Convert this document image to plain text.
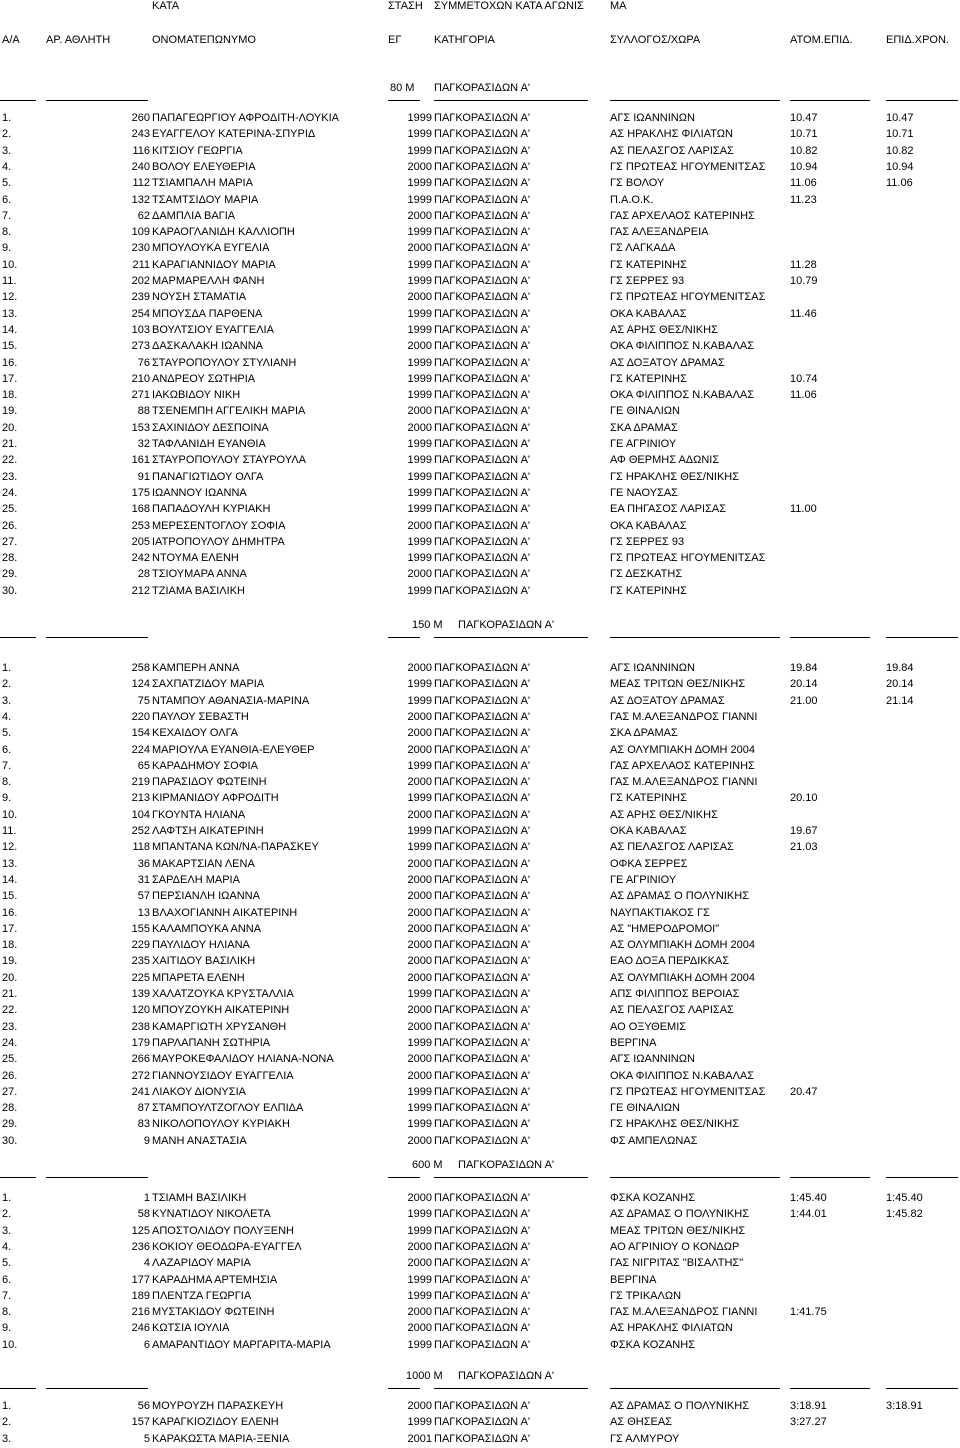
ΚΑΤΑ	ΣΤΑΣΗ ΣΥΜΜΕΤΟΧΩΝ ΚΑΤΑ ΑΓΩΝΙΣ ΜΑ
Α/Α ΑΡ. ΑΘΛΗΤΗ	ΟΝΟΜΑΤΕΠΩΝΥΜΟ	ΕΓ	ΚΑΤΗΓΟΡΙΑ	ΣΥΛΛΟΓΟΣ/ΧΩΡΑ	ΑΤΟΜ.ΕΠΙΔ.	ΕΠΙΔ.ΧΡΟΝ.
80 Μ ΠΑΓΚΟΡΑΣΙΔΩΝ Α'
1.	260 ΠΑΠΑΓΕΩΡΓΙΟΥ ΑΦΡΟΔΙΤΗ-ΛΟΥΚΙΑ	1999 ΠΑΓΚΟΡΑΣΙΔΩΝ Α'	ΑΓΣ ΙΩΑΝΝΙΝΩΝ	10.47	10.47
2.	243 ΕΥΑΓΓΕΛΟΥ ΚΑΤΕΡΙΝΑ-ΣΠΥΡΙΔ	1999 ΠΑΓΚΟΡΑΣΙΔΩΝ Α'	ΑΣ ΗΡΑΚΛΗΣ ΦΙΛΙΑΤΩΝ	10.71	10.71
3.	116 ΚΙΤΣΙΟΥ ΓΕΩΡΓΙΑ	1999 ΠΑΓΚΟΡΑΣΙΔΩΝ Α'	ΑΣ ΠΕΛΑΣΓΟΣ ΛΑΡΙΣΑΣ	10.82	10.82
4.	240 ΒΟΛΟΥ ΕΛΕΥΘΕΡΙΑ	2000 ΠΑΓΚΟΡΑΣΙΔΩΝ Α'	ΓΣ ΠΡΩΤΕΑΣ ΗΓΟΥΜΕΝΙΤΣΑΣ 10.94	10.94
5.	112 ΤΣΙΑΜΠΑΛΗ ΜΑΡΙΑ	1999 ΠΑΓΚΟΡΑΣΙΔΩΝ Α'	ΓΣ ΒΟΛΟΥ	11.06	11.06
6.	132 ΤΣΑΜΤΣΙΔΟΥ ΜΑΡΙΑ	1999 ΠΑΓΚΟΡΑΣΙΔΩΝ Α'	Π.Α.Ο.Κ.	11.23
7.	62 ΔΑΜΠΛΙΑ ΒΑΓΙΑ	2000 ΠΑΓΚΟΡΑΣΙΔΩΝ Α'	ΓΑΣ ΑΡΧΕΛΑΟΣ ΚΑΤΕΡΙΝΗΣ
8.	109 ΚΑΡΑΟΓΛΑΝΙΔΗ ΚΑΛΛΙΟΠΗ	1999 ΠΑΓΚΟΡΑΣΙΔΩΝ Α'	ΓΑΣ ΑΛΕΞΑΝΔΡΕΙΑ
9.	230 ΜΠΟΥΛΟΥΚΑ ΕΥΓΕΛΙΑ	2000 ΠΑΓΚΟΡΑΣΙΔΩΝ Α'	ΓΣ ΛΑΓΚΑΔΑ
10.	211 ΚΑΡΑΓΙΑΝΝΙΔΟΥ ΜΑΡΙΑ	1999 ΠΑΓΚΟΡΑΣΙΔΩΝ Α'	ΓΣ ΚΑΤΕΡΙΝΗΣ	11.28
11.	202 ΜΑΡΜΑΡΕΛΛΗ ΦΑΝΗ	1999 ΠΑΓΚΟΡΑΣΙΔΩΝ Α'	ΓΣ ΣΕΡΡΕΣ 93	10.79
12.	239 ΝΟΥΣΗ ΣΤΑΜΑΤΙΑ	2000 ΠΑΓΚΟΡΑΣΙΔΩΝ Α'	ΓΣ ΠΡΩΤΕΑΣ ΗΓΟΥΜΕΝΙΤΣΑΣ
13.	254 ΜΠΟΥΣΔΑ ΠΑΡΘΕΝΑ	1999 ΠΑΓΚΟΡΑΣΙΔΩΝ Α'	ΟΚΑ ΚΑΒΑΛΑΣ	11.46
14.	103 ΒΟΥΛΤΣΙΟΥ ΕΥΑΓΓΕΛΙΑ	1999 ΠΑΓΚΟΡΑΣΙΔΩΝ Α'	ΑΣ ΑΡΗΣ ΘΕΣ/ΝΙΚΗΣ
15.	273 ΔΑΣΚΑΛΑΚΗ ΙΩΑΝΝΑ	2000 ΠΑΓΚΟΡΑΣΙΔΩΝ Α'	ΟΚΑ ΦΙΛΙΠΠΟΣ Ν.ΚΑΒΑΛΑΣ
16.	76 ΣΤΑΥΡΟΠΟΥΛΟΥ ΣΤΥΛΙΑΝΗ	1999 ΠΑΓΚΟΡΑΣΙΔΩΝ Α'	ΑΣ ΔΟΞΑΤΟΥ ΔΡΑΜΑΣ
17.	210 ΑΝΔΡΕΟΥ ΣΩΤΗΡΙΑ	1999 ΠΑΓΚΟΡΑΣΙΔΩΝ Α'	ΓΣ ΚΑΤΕΡΙΝΗΣ	10.74
18.	271 ΙΑΚΩΒΙΔΟΥ ΝΙΚΗ	1999 ΠΑΓΚΟΡΑΣΙΔΩΝ Α'	ΟΚΑ ΦΙΛΙΠΠΟΣ Ν.ΚΑΒΑΛΑΣ	11.06
19.	88 ΤΣΕΝΕΜΠΗ ΑΓΓΕΛΙΚΗ ΜΑΡΙΑ	2000 ΠΑΓΚΟΡΑΣΙΔΩΝ Α'	ΓΕ ΘΙΝΑΛΙΩΝ
20.	153 ΣΑΧΙΝΙΔΟΥ ΔΕΣΠΟΙΝΑ	2000 ΠΑΓΚΟΡΑΣΙΔΩΝ Α'	ΣΚΑ ΔΡΑΜΑΣ
21.	32 ΤΑΦΛΑΝΙΔΗ ΕΥΑΝΘΙΑ	1999 ΠΑΓΚΟΡΑΣΙΔΩΝ Α'	ΓΕ ΑΓΡΙΝΙΟΥ
22.	161 ΣΤΑΥΡΟΠΟΥΛΟΥ ΣΤΑΥΡΟΥΛΑ	1999 ΠΑΓΚΟΡΑΣΙΔΩΝ Α'	ΑΦ ΘΕΡΜΗΣ ΑΔΩΝΙΣ
23.	91 ΠΑΝΑΓΙΩΤΙΔΟΥ ΟΛΓΑ	1999 ΠΑΓΚΟΡΑΣΙΔΩΝ Α'	ΓΣ ΗΡΑΚΛΗΣ ΘΕΣ/ΝΙΚΗΣ
24.	175 ΙΩΑΝΝΟΥ ΙΩΑΝΝΑ	1999 ΠΑΓΚΟΡΑΣΙΔΩΝ Α'	ΓΕ ΝΑΟΥΣΑΣ
25.	168 ΠΑΠΑΔΟΥΛΗ ΚΥΡΙΑΚΗ	1999 ΠΑΓΚΟΡΑΣΙΔΩΝ Α'	ΕΑ ΠΗΓΑΣΟΣ ΛΑΡΙΣΑΣ	11.00
26.	253 ΜΕΡΕΣΕΝΤΟΓΛΟΥ ΣΟΦΙΑ	2000 ΠΑΓΚΟΡΑΣΙΔΩΝ Α'	ΟΚΑ ΚΑΒΑΛΑΣ
27.	205 ΙΑΤΡΟΠΟΥΛΟΥ ΔΗΜΗΤΡΑ	1999 ΠΑΓΚΟΡΑΣΙΔΩΝ Α'	ΓΣ ΣΕΡΡΕΣ 93
28.	242 ΝΤΟΥΜΑ ΕΛΕΝΗ	1999 ΠΑΓΚΟΡΑΣΙΔΩΝ Α'	ΓΣ ΠΡΩΤΕΑΣ ΗΓΟΥΜΕΝΙΤΣΑΣ
29.	28 ΤΣΙΟΥΜΑΡΑ ΑΝΝΑ	2000 ΠΑΓΚΟΡΑΣΙΔΩΝ Α'	ΓΣ ΔΕΣΚΑΤΗΣ
30.	212 ΤΖΙΑΜΑ ΒΑΣΙΛΙΚΗ	1999 ΠΑΓΚΟΡΑΣΙΔΩΝ Α'	ΓΣ ΚΑΤΕΡΙΝΗΣ
150 Μ ΠΑΓΚΟΡΑΣΙΔΩΝ Α'
1.	258 ΚΑΜΠΕΡΗ ΑΝΝΑ	2000 ΠΑΓΚΟΡΑΣΙΔΩΝ Α'	ΑΓΣ ΙΩΑΝΝΙΝΩΝ	19.84	19.84
2.	124 ΣΑΧΠΑΤΖΙΔΟΥ ΜΑΡΙΑ	1999 ΠΑΓΚΟΡΑΣΙΔΩΝ Α'	ΜΕΑΣ ΤΡΙΤΩΝ ΘΕΣ/ΝΙΚΗΣ	20.14	20.14
3.	75 ΝΤΑΜΠΟΥ ΑΘΑΝΑΣΙΑ-ΜΑΡΙΝΑ	1999 ΠΑΓΚΟΡΑΣΙΔΩΝ Α'	ΑΣ ΔΟΞΑΤΟΥ ΔΡΑΜΑΣ	21.00	21.14
4.	220 ΠΑΥΛΟΥ ΣΕΒΑΣΤΗ	2000 ΠΑΓΚΟΡΑΣΙΔΩΝ Α'	ΓΑΣ Μ.ΑΛΕΞΑΝΔΡΟΣ ΓΙΑΝΝΙ
5.	154 ΚΕΧΑΙΔΟΥ ΟΛΓΑ	2000 ΠΑΓΚΟΡΑΣΙΔΩΝ Α'	ΣΚΑ ΔΡΑΜΑΣ
6.	224 ΜΑΡΙΟΥΛΑ ΕΥΑΝΘΙΑ-ΕΛΕΥΘΕΡ	2000 ΠΑΓΚΟΡΑΣΙΔΩΝ Α'	ΑΣ ΟΛΥΜΠΙΑΚΗ ΔΟΜΗ 2004
7.	65 ΚΑΡΑΔΗΜΟΥ ΣΟΦΙΑ	1999 ΠΑΓΚΟΡΑΣΙΔΩΝ Α'	ΓΑΣ ΑΡΧΕΛΑΟΣ ΚΑΤΕΡΙΝΗΣ
8.	219 ΠΑΡΑΣΙΔΟΥ ΦΩΤΕΙΝΗ	2000 ΠΑΓΚΟΡΑΣΙΔΩΝ Α'	ΓΑΣ Μ.ΑΛΕΞΑΝΔΡΟΣ ΓΙΑΝΝΙ
9.	213 ΚΙΡΜΑΝΙΔΟΥ ΑΦΡΟΔΙΤΗ	1999 ΠΑΓΚΟΡΑΣΙΔΩΝ Α'	ΓΣ ΚΑΤΕΡΙΝΗΣ	20.10
10.	104 ΓΚΟΥΝΤΑ ΗΛΙΑΝΑ	2000 ΠΑΓΚΟΡΑΣΙΔΩΝ Α'	ΑΣ ΑΡΗΣ ΘΕΣ/ΝΙΚΗΣ
11.	252 ΛΑΦΤΣΗ ΑΙΚΑΤΕΡΙΝΗ	1999 ΠΑΓΚΟΡΑΣΙΔΩΝ Α'	ΟΚΑ ΚΑΒΑΛΑΣ	19.67
12.	118 ΜΠΑΝΤΑΝΑ ΚΩΝ/ΝΑ-ΠΑΡΑΣΚΕΥ	1999 ΠΑΓΚΟΡΑΣΙΔΩΝ Α'	ΑΣ ΠΕΛΑΣΓΟΣ ΛΑΡΙΣΑΣ	21.03
13.	36 ΜΑΚΑΡΤΣΙΑΝ ΛΕΝΑ	2000 ΠΑΓΚΟΡΑΣΙΔΩΝ Α'	ΟΦΚΑ ΣΕΡΡΕΣ
14.	31 ΣΑΡΔΕΛΗ ΜΑΡΙΑ	2000 ΠΑΓΚΟΡΑΣΙΔΩΝ Α'	ΓΕ ΑΓΡΙΝΙΟΥ
15.	57 ΠΕΡΣΙΑΝΛΗ ΙΩΑΝΝΑ	2000 ΠΑΓΚΟΡΑΣΙΔΩΝ Α'	ΑΣ ΔΡΑΜΑΣ Ο ΠΟΛΥΝΙΚΗΣ
16.	13 ΒΛΑΧΟΓΙΑΝΝΗ ΑΙΚΑΤΕΡΙΝΗ	2000 ΠΑΓΚΟΡΑΣΙΔΩΝ Α'	ΝΑΥΠΑΚΤΙΑΚΟΣ ΓΣ
17.	155 ΚΑΛΑΜΠΟΥΚΑ ΑΝΝΑ	2000 ΠΑΓΚΟΡΑΣΙΔΩΝ Α'	ΑΣ "ΗΜΕΡΟΔΡΟΜΟΙ"
18.	229 ΠΑΥΛΙΔΟΥ ΗΛΙΑΝΑ	2000 ΠΑΓΚΟΡΑΣΙΔΩΝ Α'	ΑΣ ΟΛΥΜΠΙΑΚΗ ΔΟΜΗ 2004
19.	235 ΧΑΙΤΙΔΟΥ ΒΑΣΙΛΙΚΗ	2000 ΠΑΓΚΟΡΑΣΙΔΩΝ Α'	ΕΑΟ ΔΟΞΑ ΠΕΡΔΙΚΚΑΣ
20.	225 ΜΠΑΡΕΤΑ ΕΛΕΝΗ	2000 ΠΑΓΚΟΡΑΣΙΔΩΝ Α'	ΑΣ ΟΛΥΜΠΙΑΚΗ ΔΟΜΗ 2004
21.	139 ΧΑΛΑΤΖΟΥΚΑ ΚΡΥΣΤΑΛΛΙΑ	1999 ΠΑΓΚΟΡΑΣΙΔΩΝ Α'	ΑΠΣ ΦΙΛΙΠΠΟΣ ΒΕΡΟΙΑΣ
22.	120 ΜΠΟΥΖΟΥΚΗ ΑΙΚΑΤΕΡΙΝΗ	2000 ΠΑΓΚΟΡΑΣΙΔΩΝ Α'	ΑΣ ΠΕΛΑΣΓΟΣ ΛΑΡΙΣΑΣ
23.	238 ΚΑΜΑΡΓΙΩΤΗ ΧΡΥΣΑΝΘΗ	2000 ΠΑΓΚΟΡΑΣΙΔΩΝ Α'	ΑΟ ΟΞΥΘΕΜΙΣ
24.	179 ΠΑΡΛΑΠΑΝΗ ΣΩΤΗΡΙΑ	1999 ΠΑΓΚΟΡΑΣΙΔΩΝ Α'	ΒΕΡΓΙΝΑ
25.	266 ΜΑΥΡΟΚΕΦΑΛΙΔΟΥ ΗΛΙΑΝΑ-ΝΟΝΑ	2000 ΠΑΓΚΟΡΑΣΙΔΩΝ Α'	ΑΓΣ ΙΩΑΝΝΙΝΩΝ
26.	272 ΓΙΑΝΝΟΥΣΙΔΟΥ ΕΥΑΓΓΕΛΙΑ	2000 ΠΑΓΚΟΡΑΣΙΔΩΝ Α'	ΟΚΑ ΦΙΛΙΠΠΟΣ Ν.ΚΑΒΑΛΑΣ
27.	241 ΛΙΑΚΟΥ ΔΙΟΝΥΣΙΑ	1999 ΠΑΓΚΟΡΑΣΙΔΩΝ Α'	ΓΣ ΠΡΩΤΕΑΣ ΗΓΟΥΜΕΝΙΤΣΑΣ 20.47
28.	87 ΣΤΑΜΠΟΥΛΤΖΟΓΛΟΥ ΕΛΠΙΔΑ	1999 ΠΑΓΚΟΡΑΣΙΔΩΝ Α'	ΓΕ ΘΙΝΑΛΙΩΝ
29.	83 ΝΙΚΟΛΟΠΟΥΛΟΥ ΚΥΡΙΑΚΗ	1999 ΠΑΓΚΟΡΑΣΙΔΩΝ Α'	ΓΣ ΗΡΑΚΛΗΣ ΘΕΣ/ΝΙΚΗΣ
30.	9 ΜΑΝΗ ΑΝΑΣΤΑΣΙΑ	2000 ΠΑΓΚΟΡΑΣΙΔΩΝ Α'	ΦΣ ΑΜΠΕΛΩΝΑΣ
600 Μ ΠΑΓΚΟΡΑΣΙΔΩΝ Α'
1.	1 ΤΣΙΑΜΗ ΒΑΣΙΛΙΚΗ	2000 ΠΑΓΚΟΡΑΣΙΔΩΝ Α'	ΦΣΚΑ ΚΟΖΑΝΗΣ	1:45.40	1:45.40
2.	58 ΚΥΝΑΤΙΔΟΥ ΝΙΚΟΛΕΤΑ	1999 ΠΑΓΚΟΡΑΣΙΔΩΝ Α'	ΑΣ ΔΡΑΜΑΣ Ο ΠΟΛΥΝΙΚΗΣ	1:44.01	1:45.82
3.	125 ΑΠΟΣΤΟΛΙΔΟΥ ΠΟΛΥΞΕΝΗ	1999 ΠΑΓΚΟΡΑΣΙΔΩΝ Α'	ΜΕΑΣ ΤΡΙΤΩΝ ΘΕΣ/ΝΙΚΗΣ
4.	236 ΚΟΚΙΟΥ ΘΕΟΔΩΡΑ-ΕΥΑΓΓΕΛ	2000 ΠΑΓΚΟΡΑΣΙΔΩΝ Α'	ΑΟ ΑΓΡΙΝΙΟΥ Ο ΚΟΝΔΩΡ
5.	4 ΛΑΖΑΡΙΔΟΥ ΜΑΡΙΑ	2000 ΠΑΓΚΟΡΑΣΙΔΩΝ Α'	ΓΑΣ ΝΙΓΡΙΤΑΣ "ΒΙΣΑΛΤΗΣ"
6.	177 ΚΑΡΑΔΗΜΑ ΑΡΤΕΜΗΣΙΑ	1999 ΠΑΓΚΟΡΑΣΙΔΩΝ Α'	ΒΕΡΓΙΝΑ
7.	189 ΠΛΕΝΤΖΑ ΓΕΩΡΓΙΑ	1999 ΠΑΓΚΟΡΑΣΙΔΩΝ Α'	ΓΣ ΤΡΙΚΑΛΩΝ
8.	216 ΜΥΣΤΑΚΙΔΟΥ ΦΩΤΕΙΝΗ	2000 ΠΑΓΚΟΡΑΣΙΔΩΝ Α'	ΓΑΣ Μ.ΑΛΕΞΑΝΔΡΟΣ ΓΙΑΝΝΙ	1:41.75
9.	246 ΚΩΤΣΙΑ ΙΟΥΛΙΑ	2000 ΠΑΓΚΟΡΑΣΙΔΩΝ Α'	ΑΣ ΗΡΑΚΛΗΣ ΦΙΛΙΑΤΩΝ
10.	6 ΑΜΑΡΑΝΤΙΔΟΥ ΜΑΡΓΑΡΙΤΑ-ΜΑΡΙΑ	1999 ΠΑΓΚΟΡΑΣΙΔΩΝ Α'	ΦΣΚΑ ΚΟΖΑΝΗΣ
1000 Μ ΠΑΓΚΟΡΑΣΙΔΩΝ Α'
1.	56 ΜΟΥΡΟΥΖΗ ΠΑΡΑΣΚΕΥΗ	2000 ΠΑΓΚΟΡΑΣΙΔΩΝ Α'	ΑΣ ΔΡΑΜΑΣ Ο ΠΟΛΥΝΙΚΗΣ	3:18.91	3:18.91
2.	157 ΚΑΡΑΓΚΙΟΖΙΔΟΥ ΕΛΕΝΗ	1999 ΠΑΓΚΟΡΑΣΙΔΩΝ Α'	ΑΣ ΘΗΣΕΑΣ	3:27.27
3.	5 ΚΑΡΑΚΩΣΤΑ ΜΑΡΙΑ-ΞΕΝΙΑ	2001 ΠΑΓΚΟΡΑΣΙΔΩΝ Α'	ΓΣ ΑΛΜΥΡΟΥ
